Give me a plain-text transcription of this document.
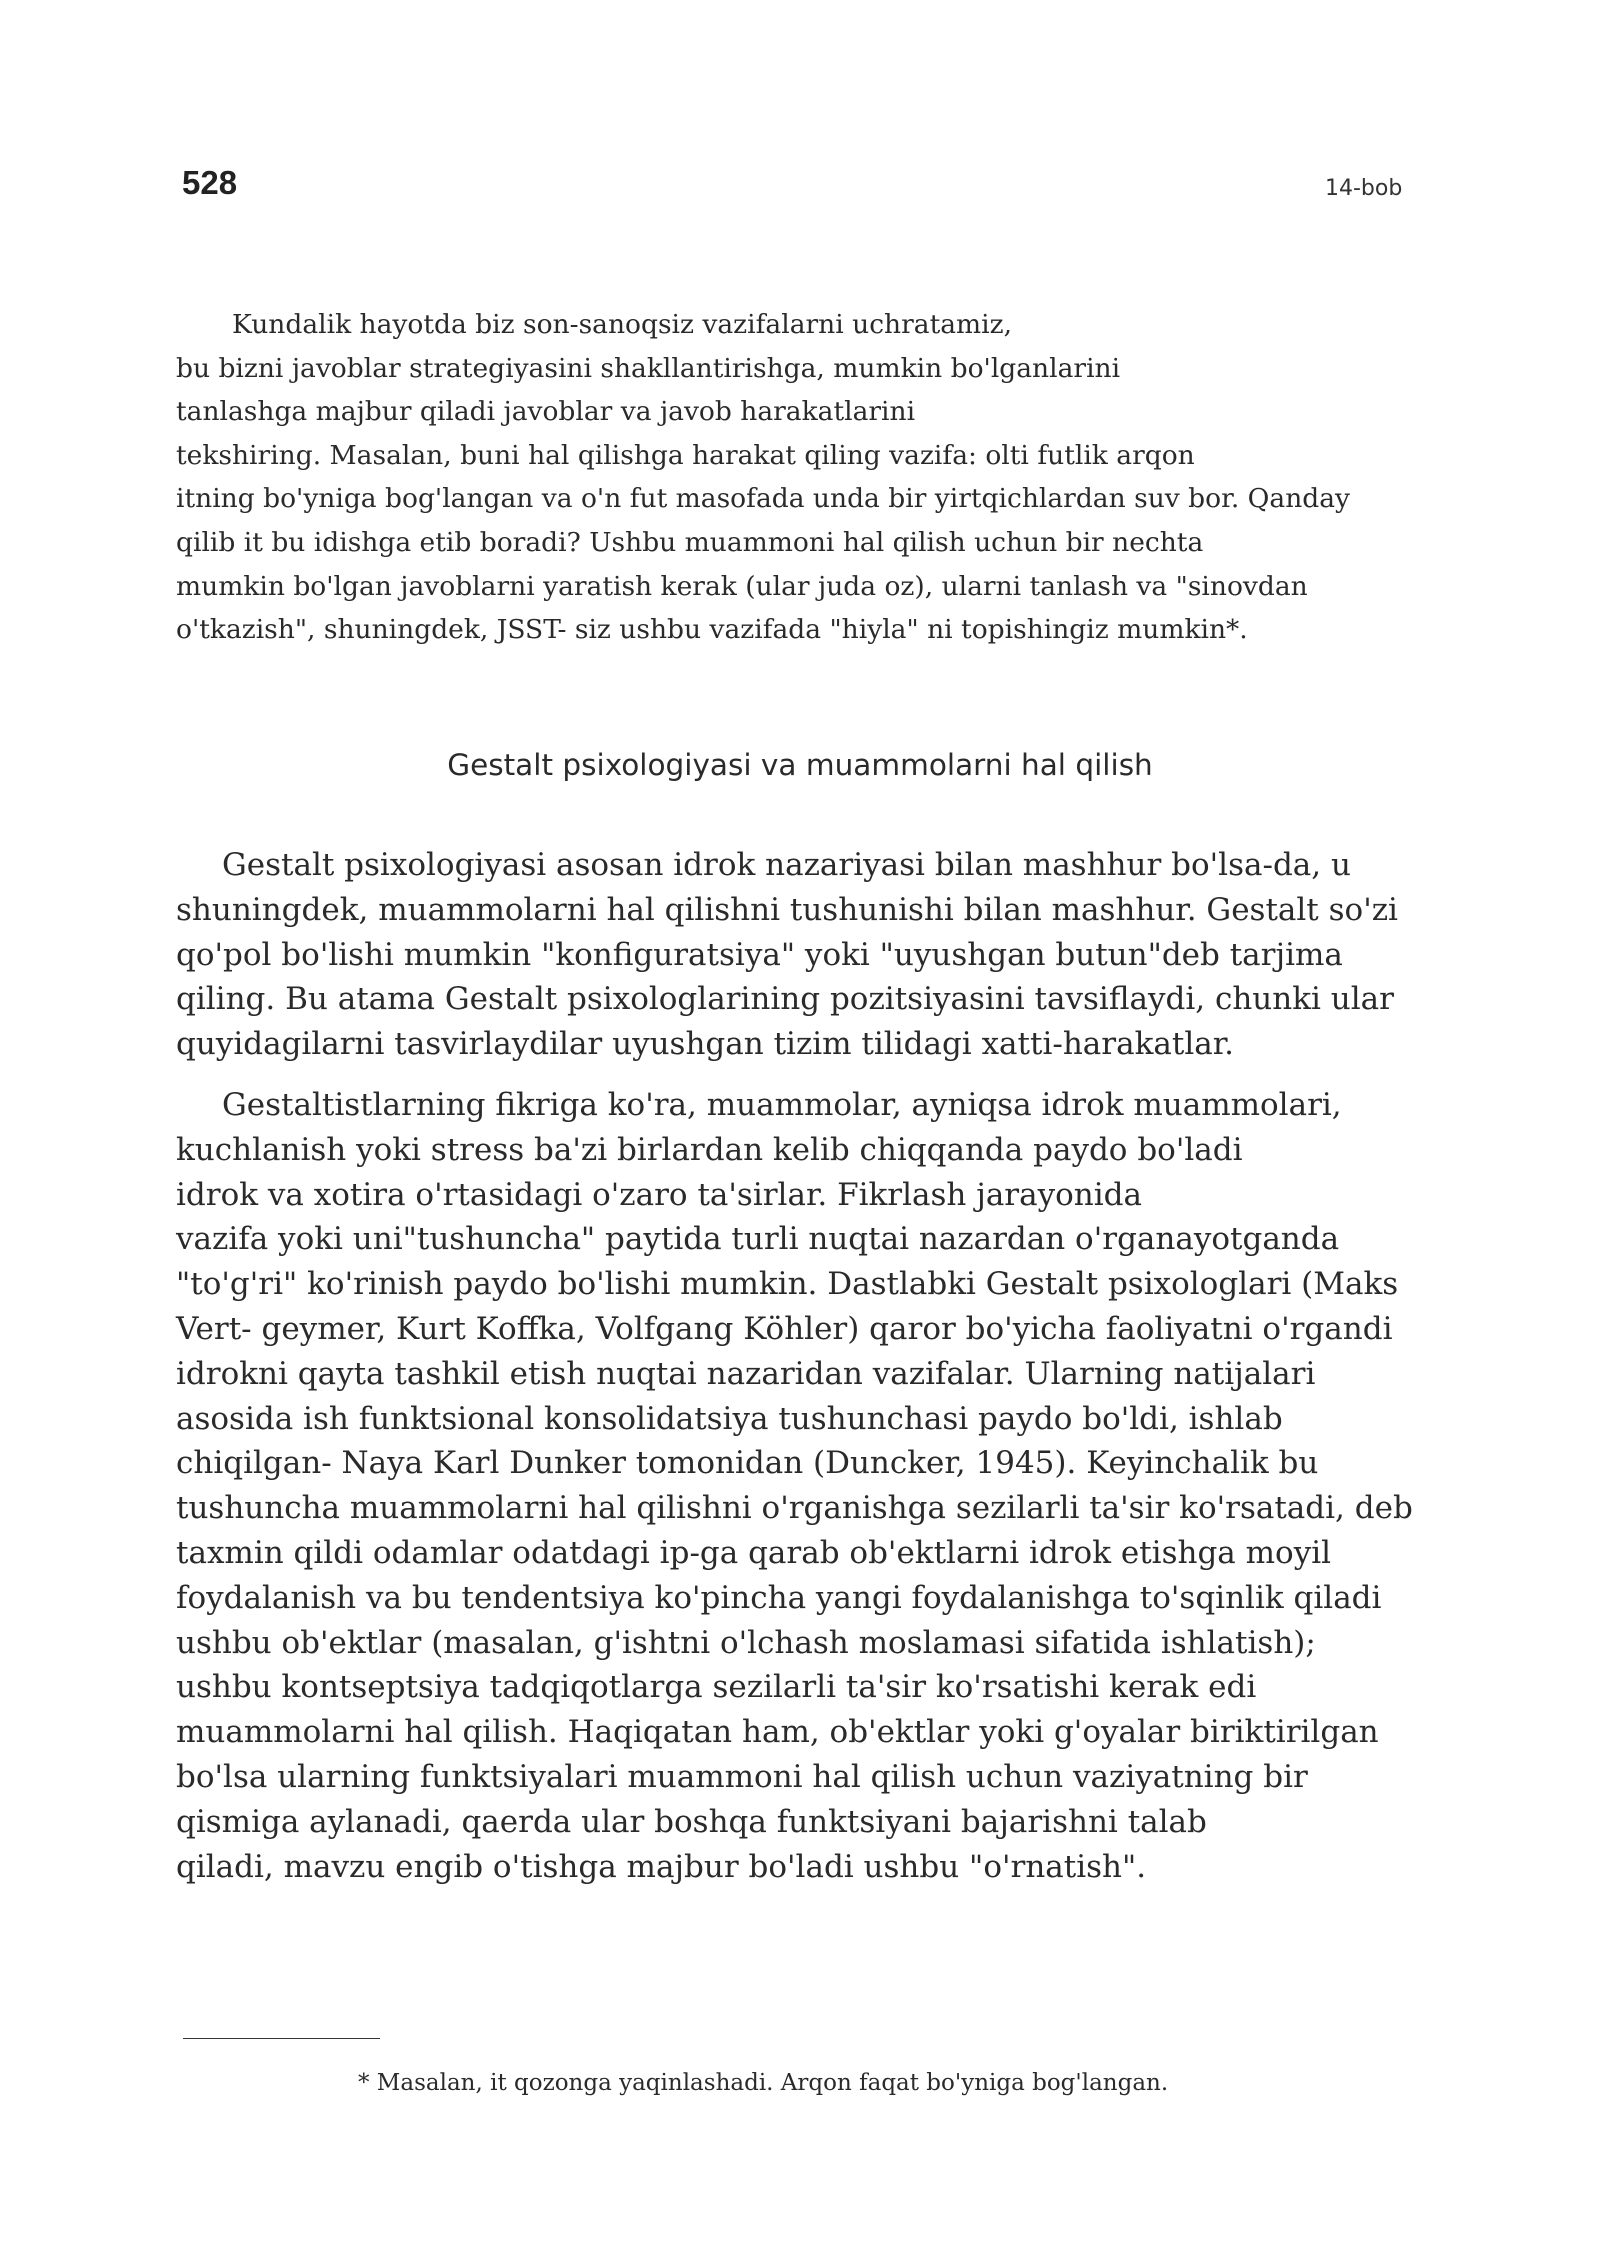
528	14-bob
Kundalik hayotda biz son-sanoqsiz vazifalarni uchratamiz,
bu bizni javoblar strategiyasini shakllantirishga, mumkin bo'lganlarini
tanlashga majbur qiladi javoblar va javob harakatlarini
tekshiring. Masalan, buni hal qilishga harakat qiling vazifa: olti futlik arqon
itning bo'yniga bog'langan va o'n fut masofada unda bir yirtqichlardan suv bor. Qanday
qilib it bu idishga etib boradi? Ushbu muammoni hal qilish uchun bir nechta
mumkin bo'lgan javoblarni yaratish kerak (ular juda oz), ularni tanlash va "sinovdan
o'tkazish", shuningdek, JSST- siz ushbu vazifada "hiyla" ni topishingiz mumkin*.
Gestalt psixologiyasi va muammolarni hal qilish
Gestalt psixologiyasi asosan idrok nazariyasi bilan mashhur bo'lsa-da, u
shuningdek, muammolarni hal qilishni tushunishi bilan mashhur. Gestalt so'zi
qo'pol bo'lishi mumkin "konfiguratsiya" yoki "uyushgan butun"deb tarjima
qiling. Bu atama Gestalt psixologlarining pozitsiyasini tavsiflaydi, chunki ular
quyidagilarni tasvirlaydilar uyushgan tizim tilidagi xatti-harakatlar.
Gestaltistlarning fikriga ko'ra, muammolar, ayniqsa idrok muammolari,
kuchlanish yoki stress ba'zi birlardan kelib chiqqanda paydo bo'ladi
idrok va xotira o'rtasidagi o'zaro ta'sirlar. Fikrlash jarayonida
vazifa yoki uni"tushuncha" paytida turli nuqtai nazardan o'rganayotganda
"to'g'ri" ko'rinish paydo bo'lishi mumkin. Dastlabki Gestalt psixologlari (Maks
Vert- geymer, Kurt Koffka, Volfgang Köhler) qaror bo'yicha faoliyatni o'rgandi
idrokni qayta tashkil etish nuqtai nazaridan vazifalar. Ularning natijalari
asosida ish funktsional konsolidatsiya tushunchasi paydo bo'ldi, ishlab
chiqilgan- Naya Karl Dunker tomonidan (Duncker, 1945). Keyinchalik bu
tushuncha muammolarni hal qilishni o'rganishga sezilarli ta'sir ko'rsatadi, deb
taxmin qildi odamlar odatdagi ip-ga qarab ob'ektlarni idrok etishga moyil
foydalanish va bu tendentsiya ko'pincha yangi foydalanishga to'sqinlik qiladi
ushbu ob'ektlar (masalan, g'ishtni o'lchash moslamasi sifatida ishlatish);
ushbu kontseptsiya tadqiqotlarga sezilarli ta'sir ko'rsatishi kerak edi
muammolarni hal qilish. Haqiqatan ham, ob'ektlar yoki g'oyalar biriktirilgan
bo'lsa ularning funktsiyalari muammoni hal qilish uchun vaziyatning bir
qismiga aylanadi, qaerda ular boshqa funktsiyani bajarishni talab
qiladi, mavzu engib o'tishga majbur bo'ladi ushbu "o'rnatish".
* Masalan, it qozonga yaqinlashadi. Arqon faqat bo'yniga bog'langan.
